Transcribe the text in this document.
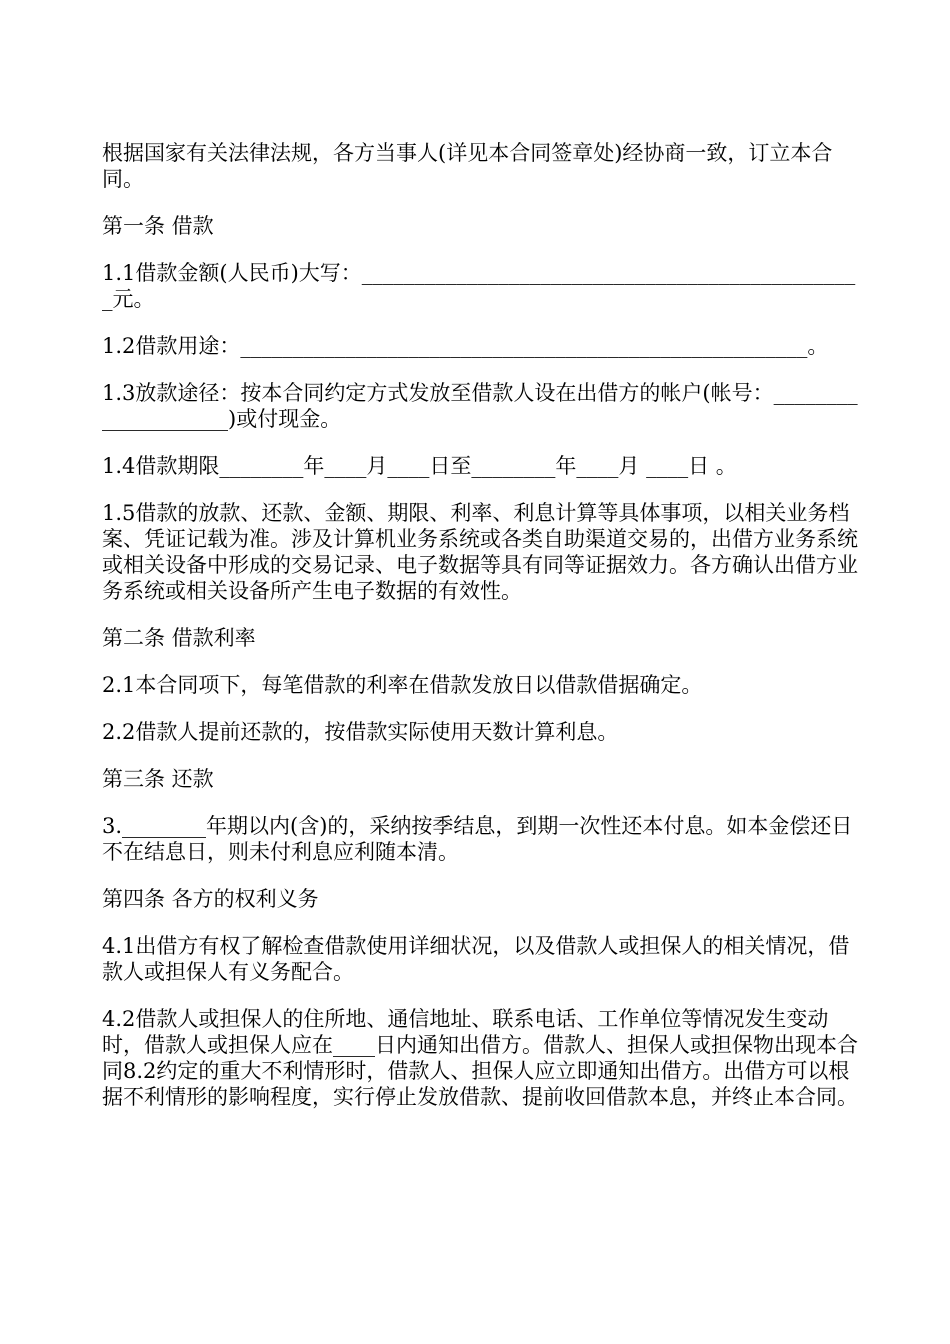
根据国家有关法律法规，各方当事人(详见本合同签章处)经协商一致，订立本合同。

第一条 借款

1.1借款金额(人民币)大写：________________________________________________元。

1.2借款用途：______________________________________________________。

1.3放款途径：按本合同约定方式发放至借款人设在出借方的帐户(帐号：____________________)或付现金。

1.4借款期限________年____月____日至________年____月 ____日 。

1.5借款的放款、还款、金额、期限、利率、利息计算等具体事项，以相关业务档案、凭证记载为准。涉及计算机业务系统或各类自助渠道交易的，出借方业务系统或相关设备中形成的交易记录、电子数据等具有同等证据效力。各方确认出借方业务系统或相关设备所产生电子数据的有效性。

第二条 借款利率

2.1本合同项下，每笔借款的利率在借款发放日以借款借据确定。

2.2借款人提前还款的，按借款实际使用天数计算利息。

第三条 还款

3.________年期以内(含)的，采纳按季结息，到期一次性还本付息。如本金偿还日不在结息日，则未付利息应利随本清。

第四条 各方的权利义务

4.1出借方有权了解检查借款使用详细状况，以及借款人或担保人的相关情况，借款人或担保人有义务配合。

4.2借款人或担保人的住所地、通信地址、联系电话、工作单位等情况发生变动时，借款人或担保人应在____日内通知出借方。借款人、担保人或担保物出现本合同8.2约定的重大不利情形时，借款人、担保人应立即通知出借方。出借方可以根据不利情形的影响程度，实行停止发放借款、提前收回借款本息，并终止本合同。
